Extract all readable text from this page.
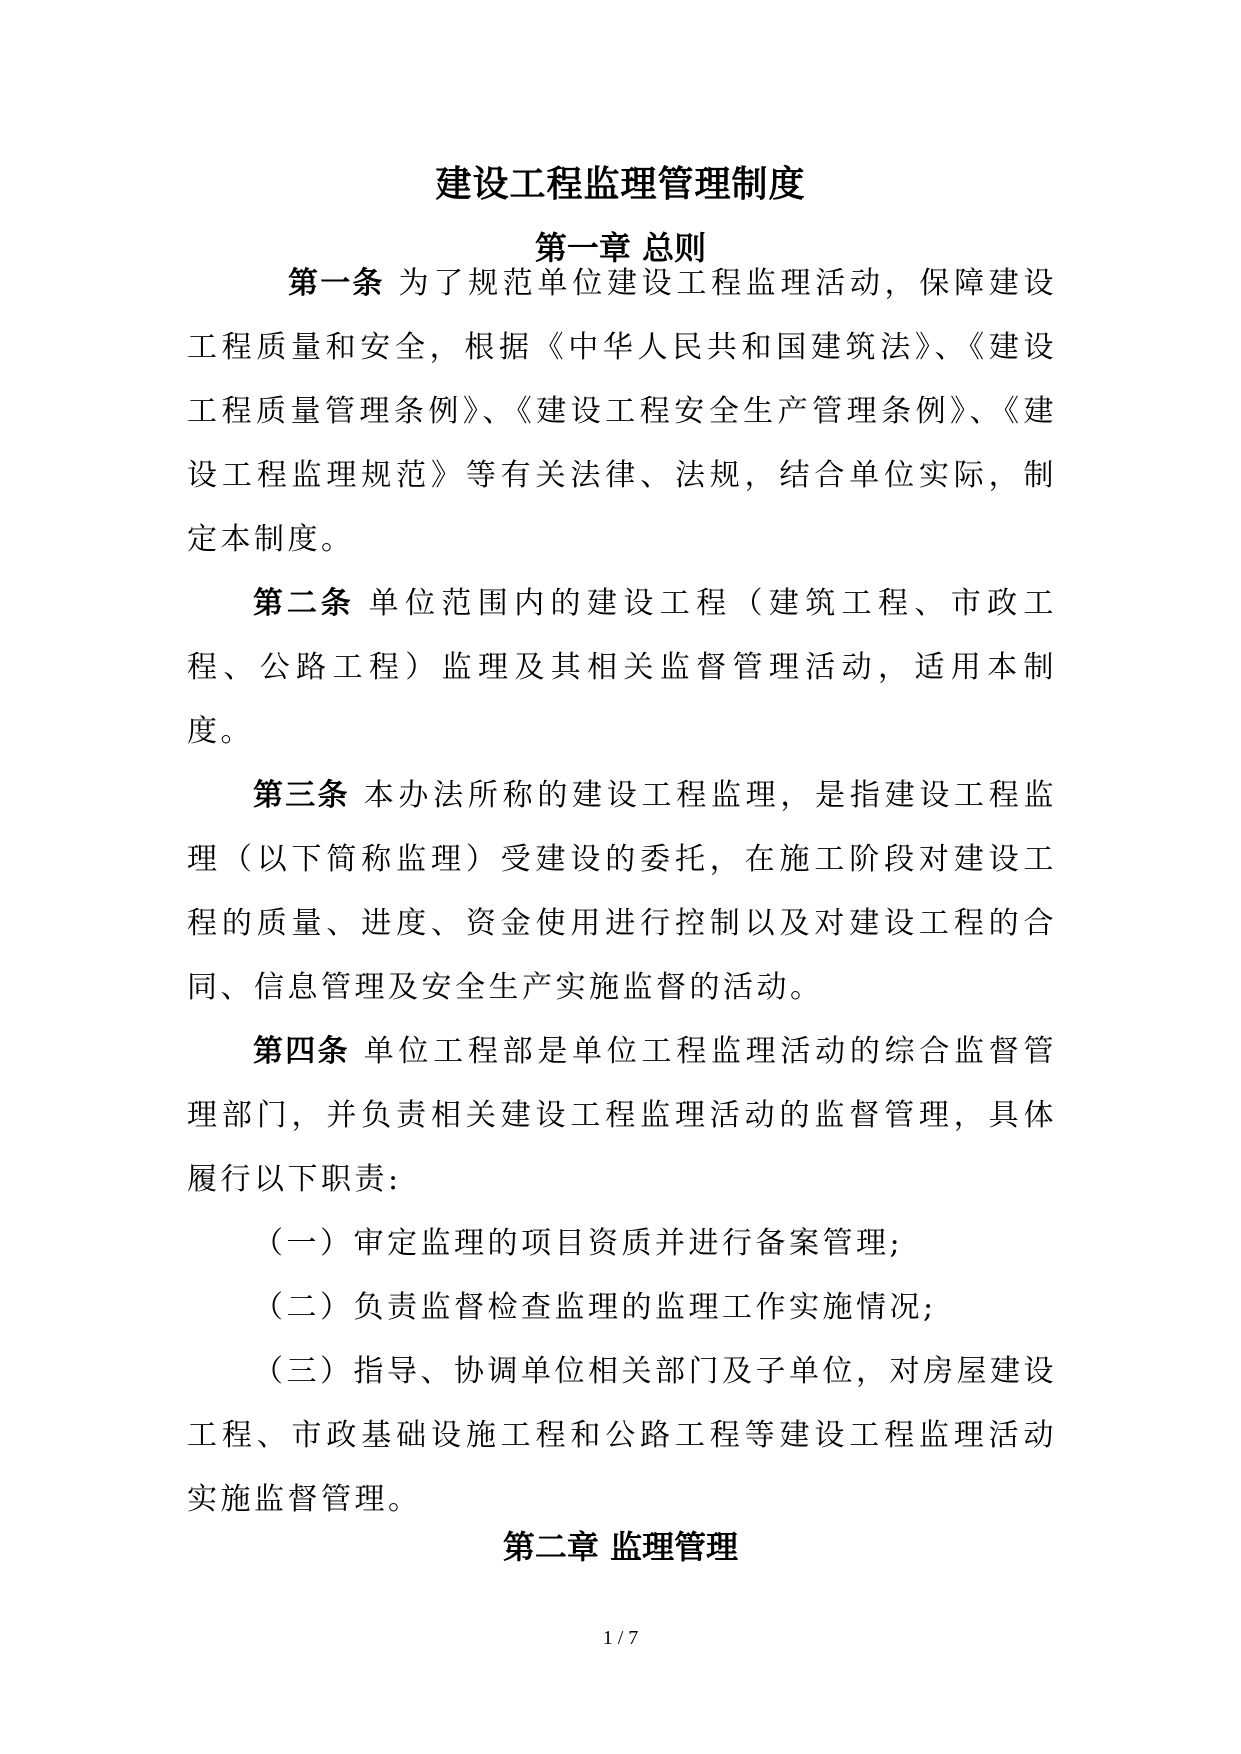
建设工程监理管理制度
第一章 总则

第一条 为了规范单位建设工程监理活动，保障建设工程质量和安全，根据《中华人民共和国建筑法》、《建设工程质量管理条例》、《建设工程安全生产管理条例》、《建设工程监理规范》等有关法律、法规，结合单位实际，制定本制度。

第二条 单位范围内的建设工程（建筑工程、市政工程、公路工程）监理及其相关监督管理活动，适用本制度。

第三条 本办法所称的建设工程监理，是指建设工程监理（以下简称监理）受建设的委托，在施工阶段对建设工程的质量、进度、资金使用进行控制以及对建设工程的合同、信息管理及安全生产实施监督的活动。

第四条 单位工程部是单位工程监理活动的综合监督管理部门，并负责相关建设工程监理活动的监督管理，具体履行以下职责:

（一）审定监理的项目资质并进行备案管理;

（二）负责监督检查监理的监理工作实施情况;

（三）指导、协调单位相关部门及子单位，对房屋建设工程、市政基础设施工程和公路工程等建设工程监理活动实施监督管理。

第二章 监理管理
1 / 7
